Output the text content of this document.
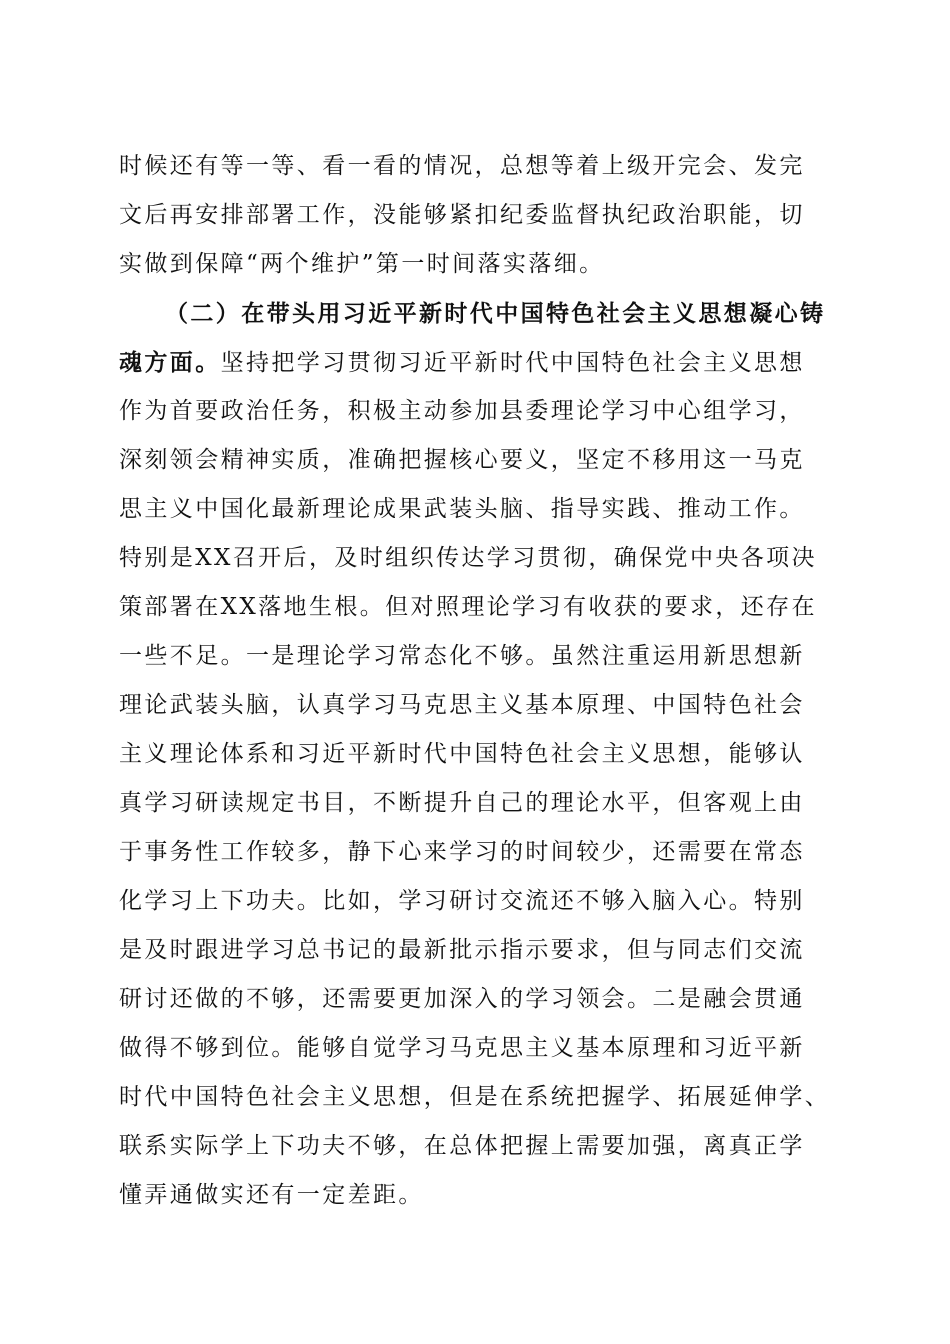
时候还有等一等、看一看的情况，总想等着上级开完会、发完
文后再安排部署工作，没能够紧扣纪委监督执纪政治职能，切
实做到保障“两个维护”第一时间落实落细。
（二）在带头用习近平新时代中国特色社会主义思想凝心铸
魂方面。坚持把学习贯彻习近平新时代中国特色社会主义思想
作为首要政治任务，积极主动参加县委理论学习中心组学习，
深刻领会精神实质，准确把握核心要义，坚定不移用这一马克
思主义中国化最新理论成果武装头脑、指导实践、推动工作。
特别是XX召开后，及时组织传达学习贯彻，确保党中央各项决
策部署在XX落地生根。但对照理论学习有收获的要求，还存在
一些不足。一是理论学习常态化不够。虽然注重运用新思想新
理论武装头脑，认真学习马克思主义基本原理、中国特色社会
主义理论体系和习近平新时代中国特色社会主义思想，能够认
真学习研读规定书目，不断提升自己的理论水平，但客观上由
于事务性工作较多，静下心来学习的时间较少，还需要在常态
化学习上下功夫。比如，学习研讨交流还不够入脑入心。特别
是及时跟进学习总书记的最新批示指示要求，但与同志们交流
研讨还做的不够，还需要更加深入的学习领会。二是融会贯通
做得不够到位。能够自觉学习马克思主义基本原理和习近平新
时代中国特色社会主义思想，但是在系统把握学、拓展延伸学、
联系实际学上下功夫不够，在总体把握上需要加强，离真正学
懂弄通做实还有一定差距。
